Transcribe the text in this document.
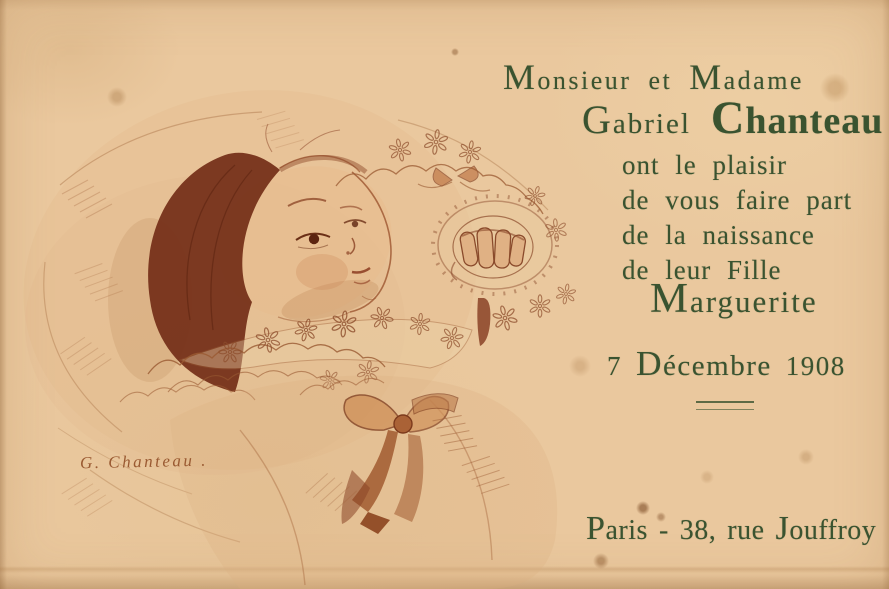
G. Chanteau .
Monsieur et Madame
Gabriel Chanteau
ont le plaisir
de vous faire part
de la naissance
de leur Fille
Marguerite
7 Décembre 1908
Paris - 38, rue Jouffroy
